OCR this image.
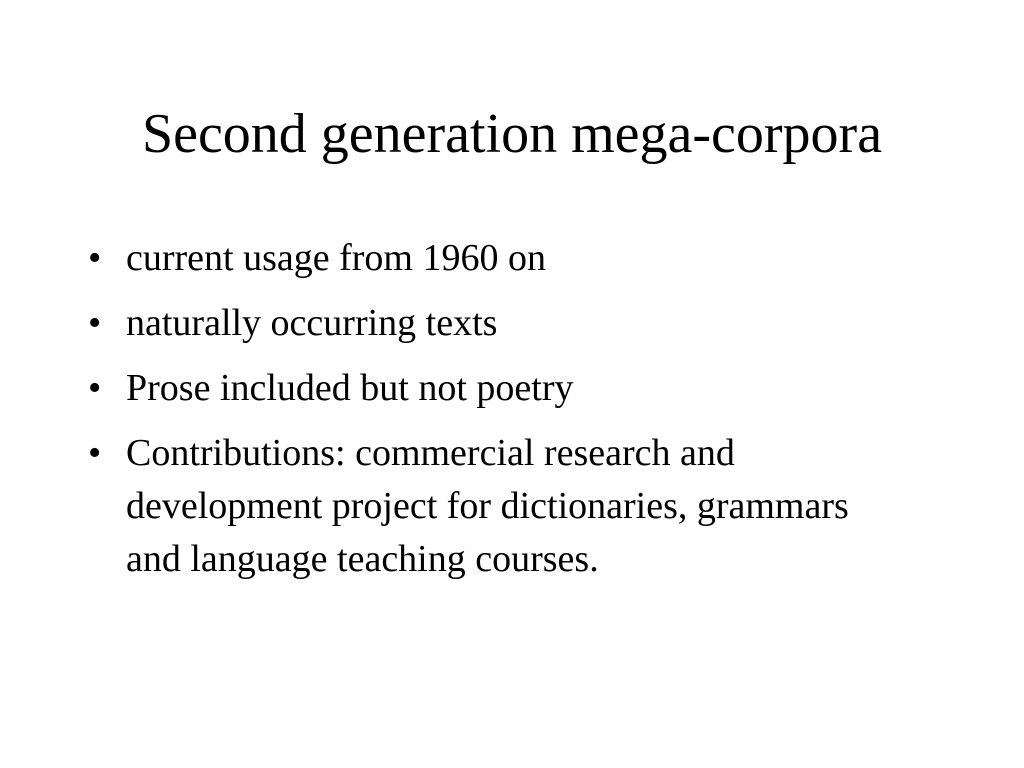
Second generation mega-corpora
• current usage from 1960 on
• naturally occurring texts
• Prose included but not poetry
• Contributions: commercial research and development project for dictionaries, grammars and language teaching courses.
